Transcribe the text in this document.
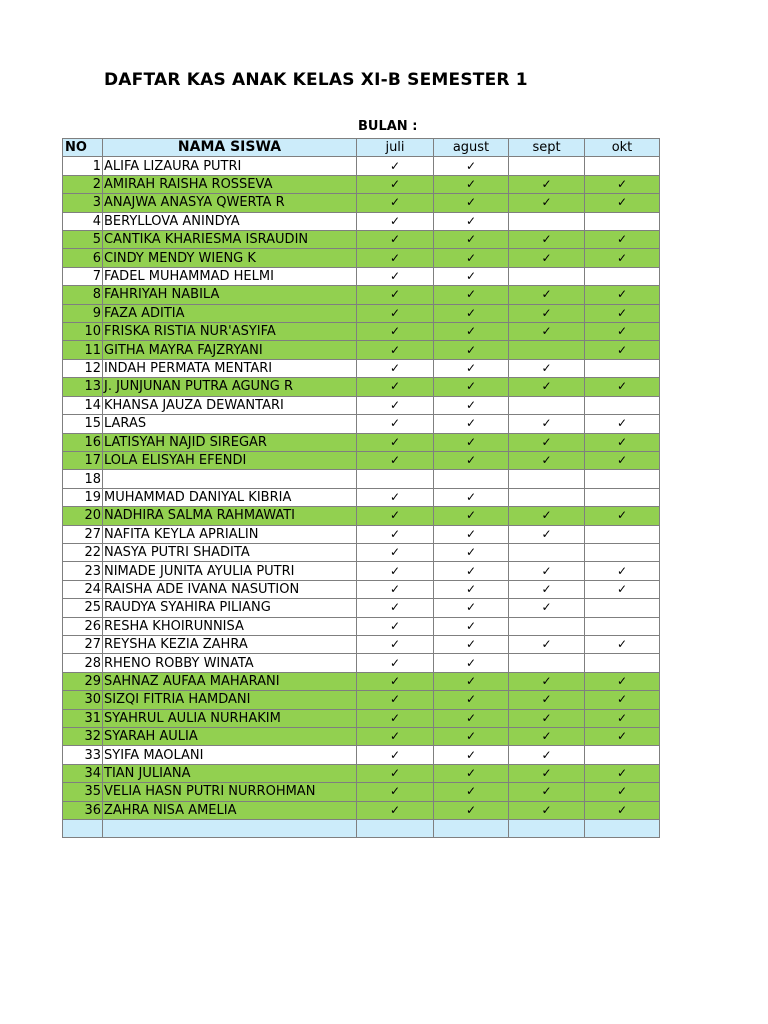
DAFTAR KAS ANAK KELAS XI-B SEMESTER 1
BULAN :
NO	NAMA SISWA	juli	agust	sept	okt
1	ALIFA LIZAURA PUTRI	✓	✓		
2	AMIRAH RAISHA ROSSEVA	✓	✓	✓	✓
3	ANAJWA ANASYA QWERTA R	✓	✓	✓	✓
4	BERYLLOVA ANINDYA	✓	✓		
5	CANTIKA KHARIESMA ISRAUDIN	✓	✓	✓	✓
6	CINDY MENDY WIENG K	✓	✓	✓	✓
7	FADEL MUHAMMAD HELMI	✓	✓		
8	FAHRIYAH NABILA	✓	✓	✓	✓
9	FAZA ADITIA	✓	✓	✓	✓
10	FRISKA RISTIA NUR'ASYIFA	✓	✓	✓	✓
11	GITHA MAYRA FAJZRYANI	✓	✓		✓
12	INDAH PERMATA MENTARI	✓	✓	✓	
13	J. JUNJUNAN PUTRA AGUNG R	✓	✓	✓	✓
14	KHANSA JAUZA DEWANTARI	✓	✓		
15	LARAS	✓	✓	✓	✓
16	LATISYAH NAJID SIREGAR	✓	✓	✓	✓
17	LOLA ELISYAH EFENDI	✓	✓	✓	✓
18					
19	MUHAMMAD DANIYAL KIBRIA	✓	✓		
20	NADHIRA SALMA RAHMAWATI	✓	✓	✓	✓
27	NAFITA KEYLA APRIALIN	✓	✓	✓	
22	NASYA PUTRI SHADITA	✓	✓		
23	NIMADE JUNITA AYULIA PUTRI	✓	✓	✓	✓
24	RAISHA ADE IVANA NASUTION	✓	✓	✓	✓
25	RAUDYA SYAHIRA PILIANG	✓	✓	✓	
26	RESHA KHOIRUNNISA	✓	✓		
27	REYSHA KEZIA ZAHRA	✓	✓	✓	✓
28	RHENO ROBBY WINATA	✓	✓		
29	SAHNAZ AUFAA MAHARANI	✓	✓	✓	✓
30	SIZQI FITRIA HAMDANI	✓	✓	✓	✓
31	SYAHRUL AULIA NURHAKIM	✓	✓	✓	✓
32	SYARAH AULIA	✓	✓	✓	✓
33	SYIFA MAOLANI	✓	✓	✓	
34	TIAN JULIANA	✓	✓	✓	✓
35	VELIA HASN PUTRI NURROHMAN	✓	✓	✓	✓
36	ZAHRA NISA AMELIA	✓	✓	✓	✓
